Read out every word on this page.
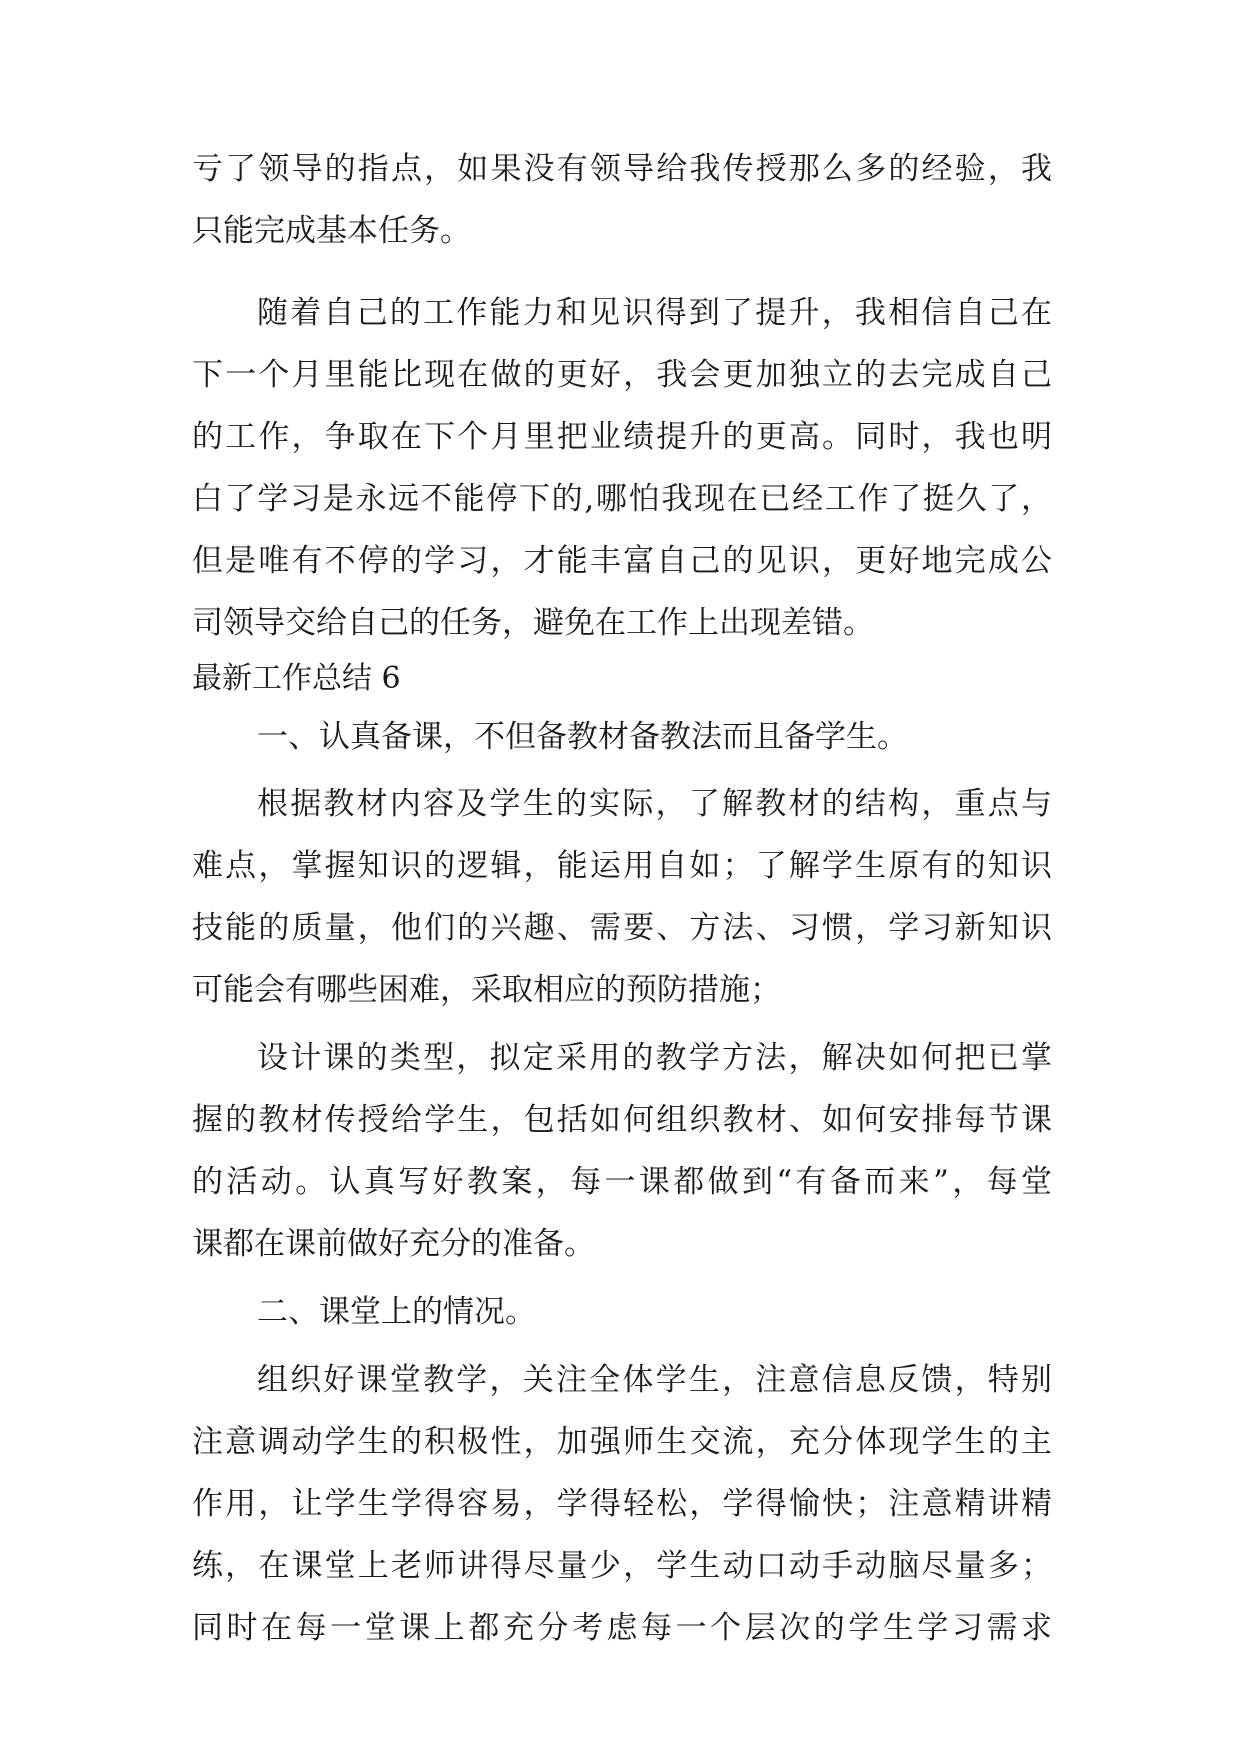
亏了领导的指点，如果没有领导给我传授那么多的经验，我
只能完成基本任务。
随着自己的工作能力和见识得到了提升，我相信自己在
下一个月里能比现在做的更好，我会更加独立的去完成自己
的工作，争取在下个月里把业绩提升的更高。同时，我也明
白了学习是永远不能停下的,哪怕我现在已经工作了挺久了，
但是唯有不停的学习，才能丰富自己的见识，更好地完成公
司领导交给自己的任务，避免在工作上出现差错。
最新工作总结 6
一、认真备课，不但备教材备教法而且备学生。
根据教材内容及学生的实际，了解教材的结构，重点与
难点，掌握知识的逻辑，能运用自如；了解学生原有的知识
技能的质量，他们的兴趣、需要、方法、习惯，学习新知识
可能会有哪些困难，采取相应的预防措施；
设计课的类型，拟定采用的教学方法，解决如何把已掌
握的教材传授给学生，包括如何组织教材、如何安排每节课
的活动。认真写好教案，每一课都做到“有备而来”，每堂
课都在课前做好充分的准备。
二、课堂上的情况。
组织好课堂教学，关注全体学生，注意信息反馈，特别
注意调动学生的积极性，加强师生交流，充分体现学生的主
作用，让学生学得容易，学得轻松，学得愉快；注意精讲精
练，在课堂上老师讲得尽量少，学生动口动手动脑尽量多；
同时在每一堂课上都充分考虑每一个层次的学生学习需求
